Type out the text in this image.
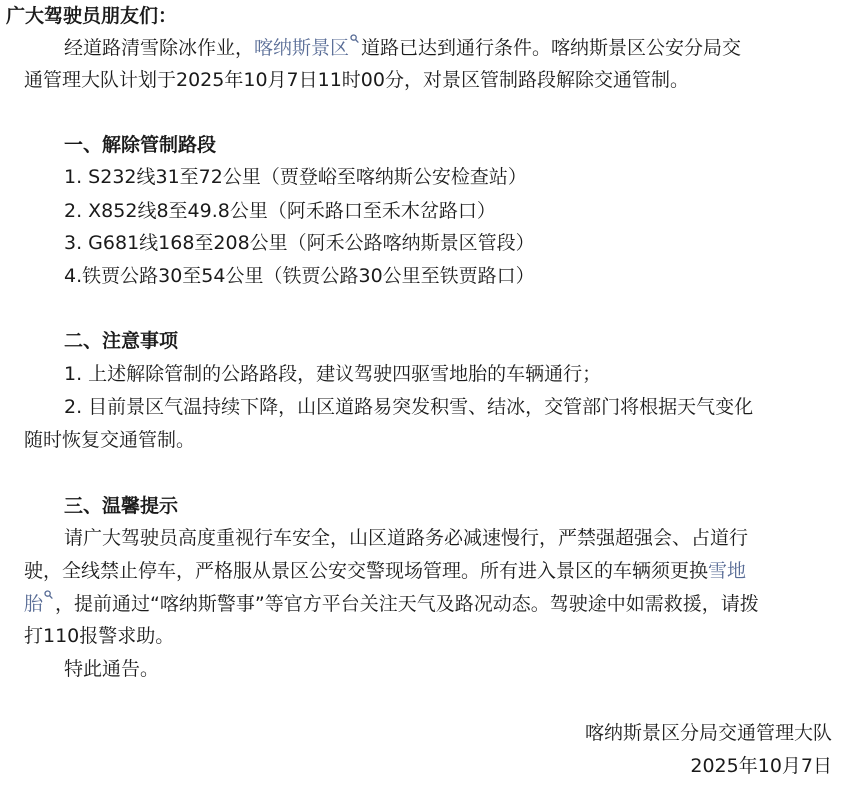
广大驾驶员朋友们：
经道路清雪除冰作业，喀纳斯景区 道路已达到通行条件。喀纳斯景区公安分局交
通管理大队计划于2025年10月7日11时00分，对景区管制路段解除交通管制。
一、解除管制路段
1. S232线31至72公里（贾登峪至喀纳斯公安检查站）
2. X852线8至49.8公里（阿禾路口至禾木岔路口）
3. G681线168至208公里（阿禾公路喀纳斯景区管段）
4.铁贾公路30至54公里（铁贾公路30公里至铁贾路口）
二、注意事项
1. 上述解除管制的公路路段，建议驾驶四驱雪地胎的车辆通行；
2. 目前景区气温持续下降，山区道路易突发积雪、结冰，交管部门将根据天气变化
随时恢复交通管制。
三、温馨提示
请广大驾驶员高度重视行车安全，山区道路务必减速慢行，严禁强超强会、占道行
驶，全线禁止停车，严格服从景区公安交警现场管理。所有进入景区的车辆须更换雪地
胎 ，提前通过“喀纳斯警事”等官方平台关注天气及路况动态。驾驶途中如需救援，请拨
打110报警求助。
特此通告。
喀纳斯景区分局交通管理大队
2025年10月7日
